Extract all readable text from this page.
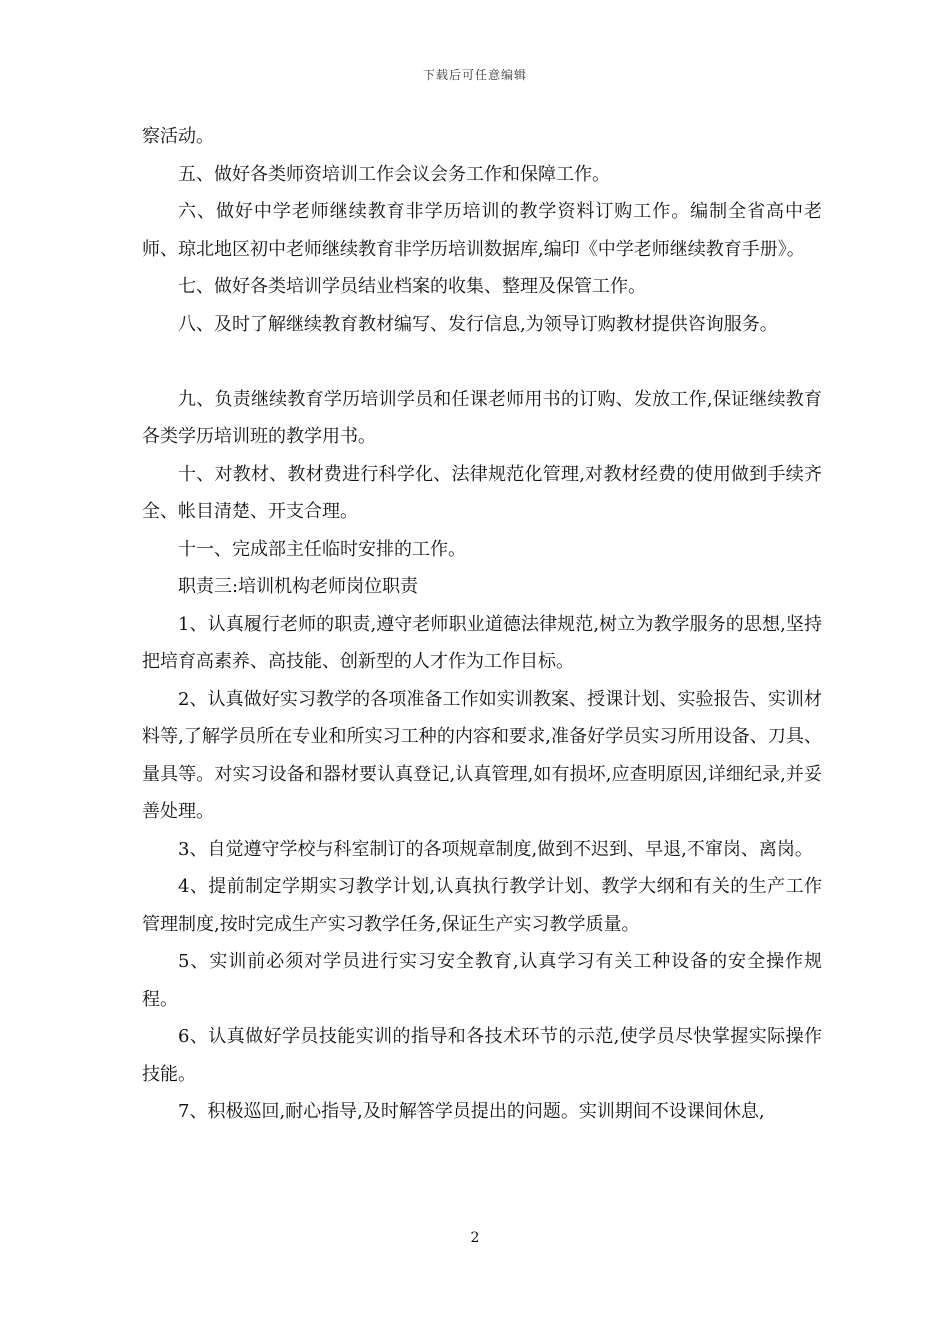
下载后可任意编辑

察活动。

五、做好各类师资培训工作会议会务工作和保障工作。

六、做好中学老师继续教育非学历培训的教学资料订购工作。编制全省高中老师、琼北地区初中老师继续教育非学历培训数据库,编印《中学老师继续教育手册》。

七、做好各类培训学员结业档案的收集、整理及保管工作。

八、及时了解继续教育教材编写、发行信息,为领导订购教材提供咨询服务。

九、负责继续教育学历培训学员和任课老师用书的订购、发放工作,保证继续教育各类学历培训班的教学用书。

十、对教材、教材费进行科学化、法律规范化管理,对教材经费的使用做到手续齐全、帐目清楚、开支合理。

十一、完成部主任临时安排的工作。

职责三:培训机构老师岗位职责

1、认真履行老师的职责,遵守老师职业道德法律规范,树立为教学服务的思想,坚持把培育高素养、高技能、创新型的人才作为工作目标。

2、认真做好实习教学的各项准备工作如实训教案、授课计划、实验报告、实训材料等,了解学员所在专业和所实习工种的内容和要求,准备好学员实习所用设备、刀具、量具等。对实习设备和器材要认真登记,认真管理,如有损坏,应查明原因,详细纪录,并妥善处理。

3、自觉遵守学校与科室制订的各项规章制度,做到不迟到、早退,不窜岗、离岗。

4、提前制定学期实习教学计划,认真执行教学计划、教学大纲和有关的生产工作管理制度,按时完成生产实习教学任务,保证生产实习教学质量。

5、实训前必须对学员进行实习安全教育,认真学习有关工种设备的安全操作规程。

6、认真做好学员技能实训的指导和各技术环节的示范,使学员尽快掌握实际操作技能。

7、积极巡回,耐心指导,及时解答学员提出的问题。实训期间不设课间休息,

2
